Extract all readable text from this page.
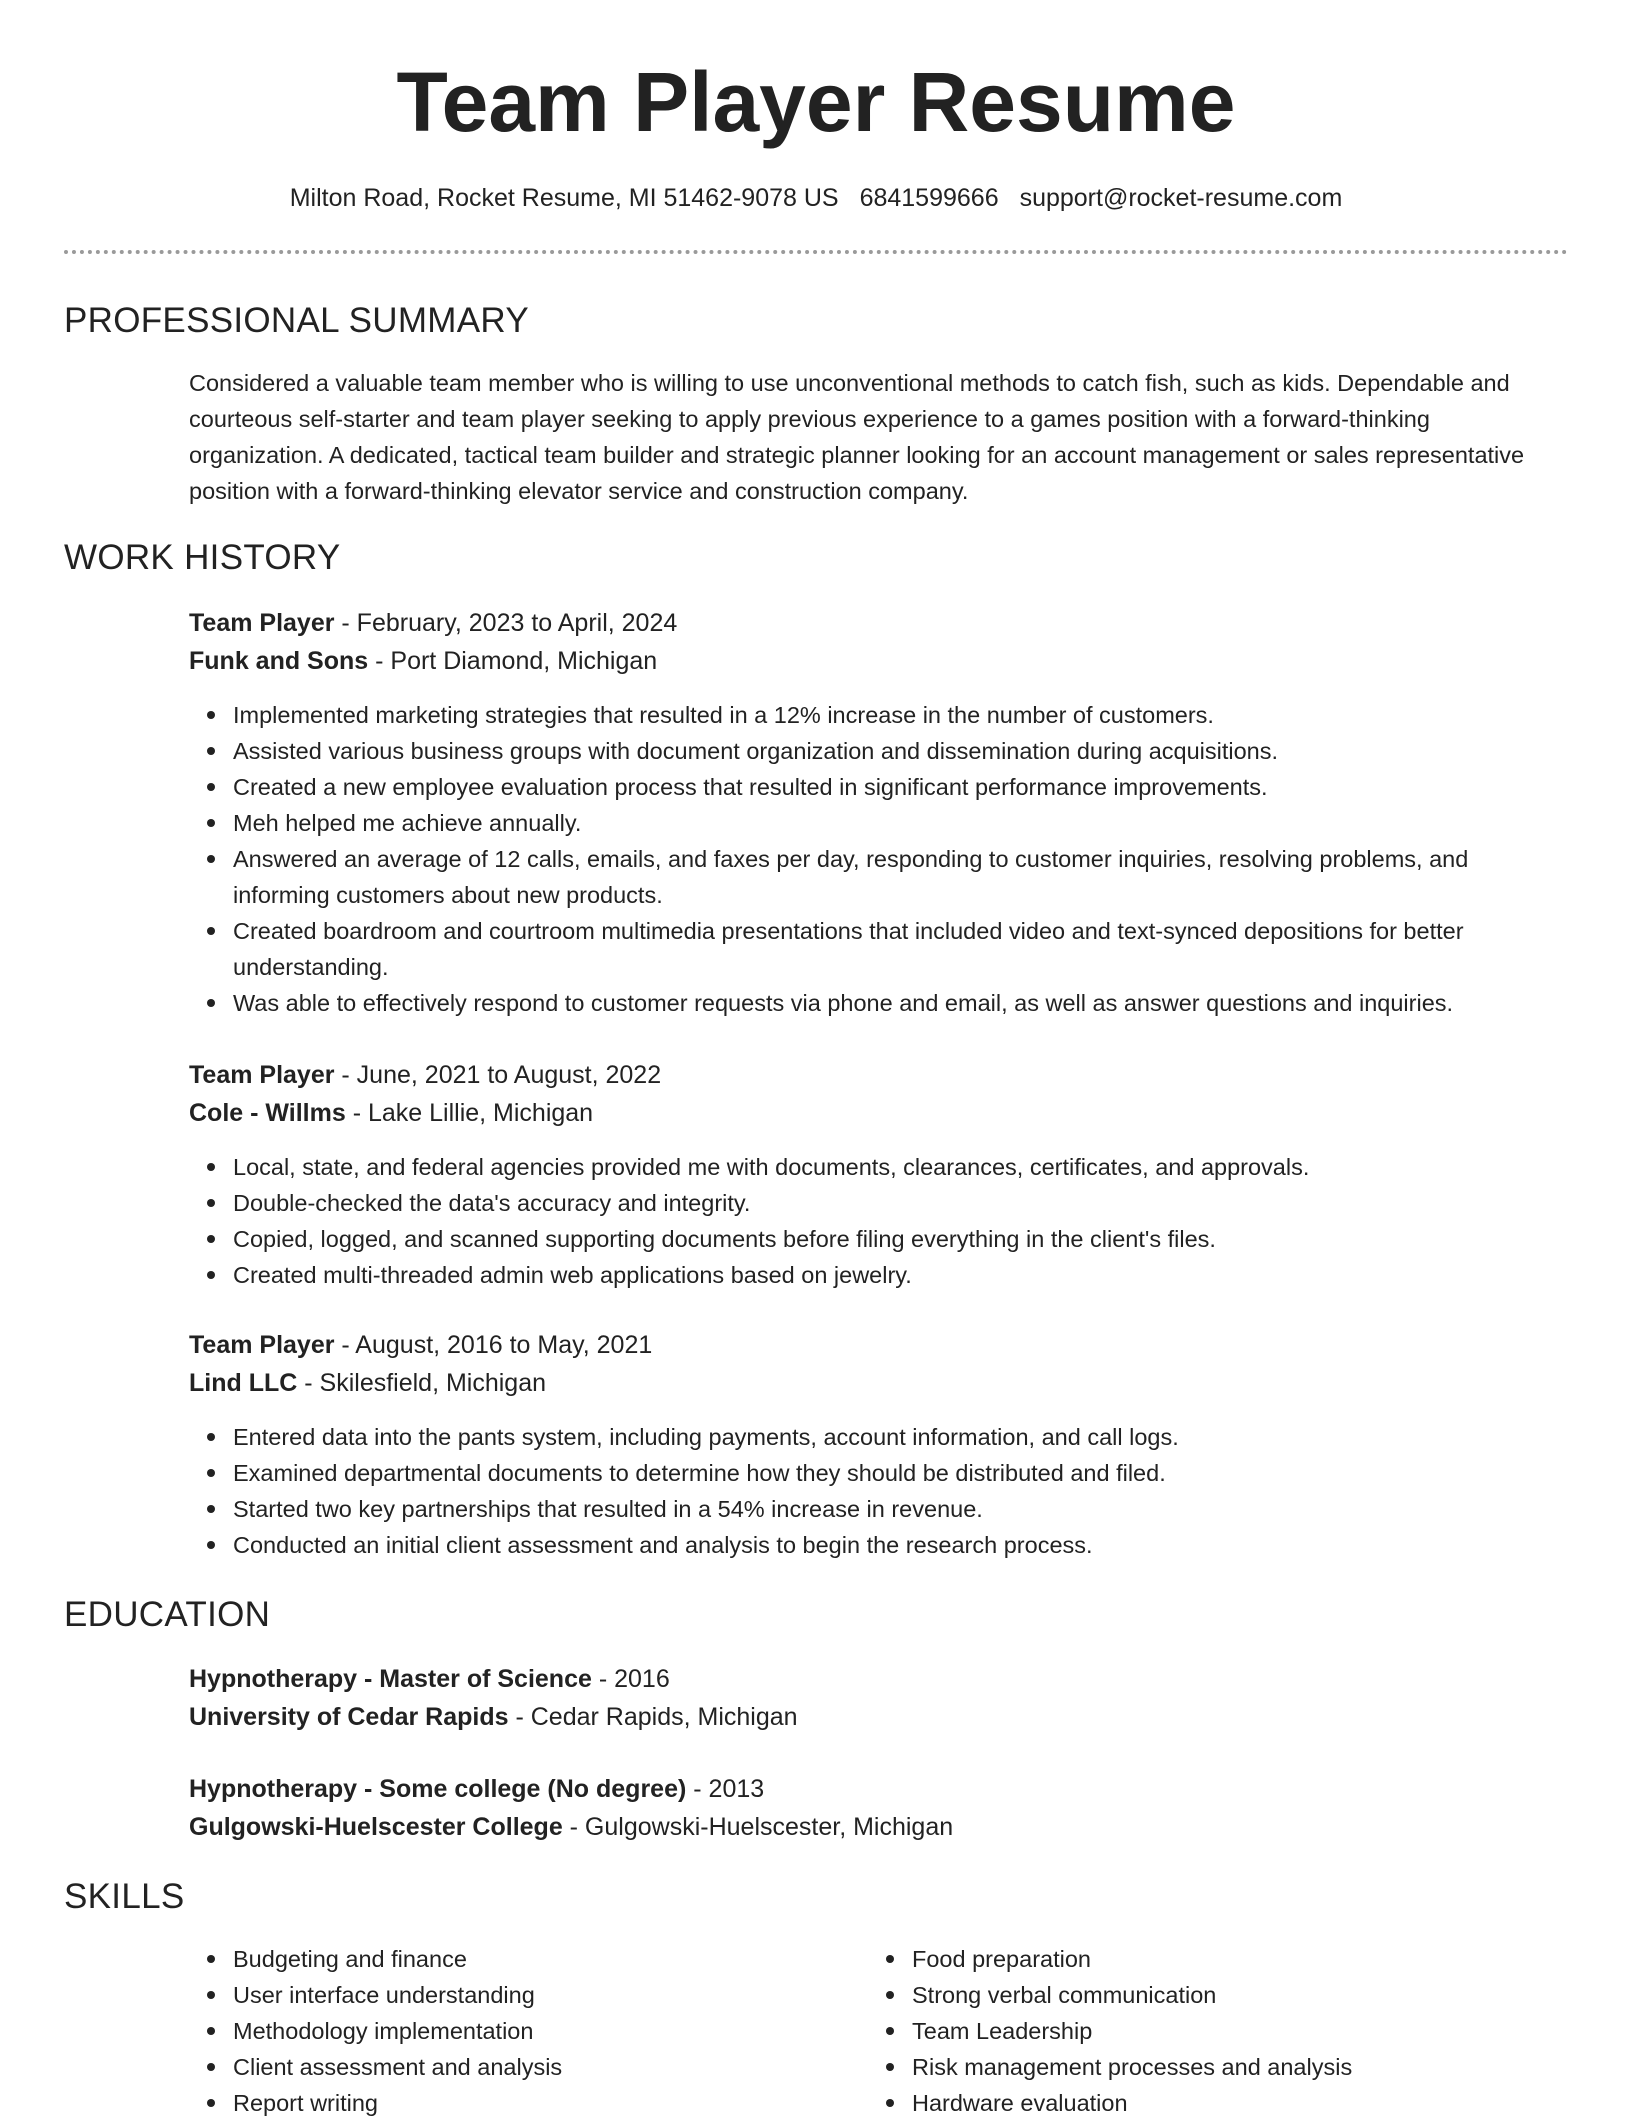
Team Player Resume
Milton Road, Rocket Resume, MI 51462-9078 US 6841599666 support@rocket-resume.com
PROFESSIONAL SUMMARY

Considered a valuable team member who is willing to use unconventional methods to catch fish, such as kids. Dependable and courteous self-starter and team player seeking to apply previous experience to a games position with a forward-thinking organization. A dedicated, tactical team builder and strategic planner looking for an account management or sales representative position with a forward-thinking elevator service and construction company.

WORK HISTORY
Team Player - February, 2023 to April, 2024
Funk and Sons - Port Diamond, Michigan
Implemented marketing strategies that resulted in a 12% increase in the number of customers.
Assisted various business groups with document organization and dissemination during acquisitions.
Created a new employee evaluation process that resulted in significant performance improvements.
Meh helped me achieve annually.
Answered an average of 12 calls, emails, and faxes per day, responding to customer inquiries, resolving problems, and informing customers about new products.
Created boardroom and courtroom multimedia presentations that included video and text-synced depositions for better understanding.
Was able to effectively respond to customer requests via phone and email, as well as answer questions and inquiries.
Team Player - June, 2021 to August, 2022
Cole - Willms - Lake Lillie, Michigan
Local, state, and federal agencies provided me with documents, clearances, certificates, and approvals.
Double-checked the data's accuracy and integrity.
Copied, logged, and scanned supporting documents before filing everything in the client's files.
Created multi-threaded admin web applications based on jewelry.
Team Player - August, 2016 to May, 2021
Lind LLC - Skilesfield, Michigan
Entered data into the pants system, including payments, account information, and call logs.
Examined departmental documents to determine how they should be distributed and filed.
Started two key partnerships that resulted in a 54% increase in revenue.
Conducted an initial client assessment and analysis to begin the research process.
EDUCATION
Hypnotherapy - Master of Science - 2016
University of Cedar Rapids - Cedar Rapids, Michigan
Hypnotherapy - Some college (No degree) - 2013
Gulgowski-Huelscester College - Gulgowski-Huelscester, Michigan
SKILLS
Budgeting and finance
User interface understanding
Methodology implementation
Client assessment and analysis
Report writing
Food preparation
Strong verbal communication
Team Leadership
Risk management processes and analysis
Hardware evaluation
